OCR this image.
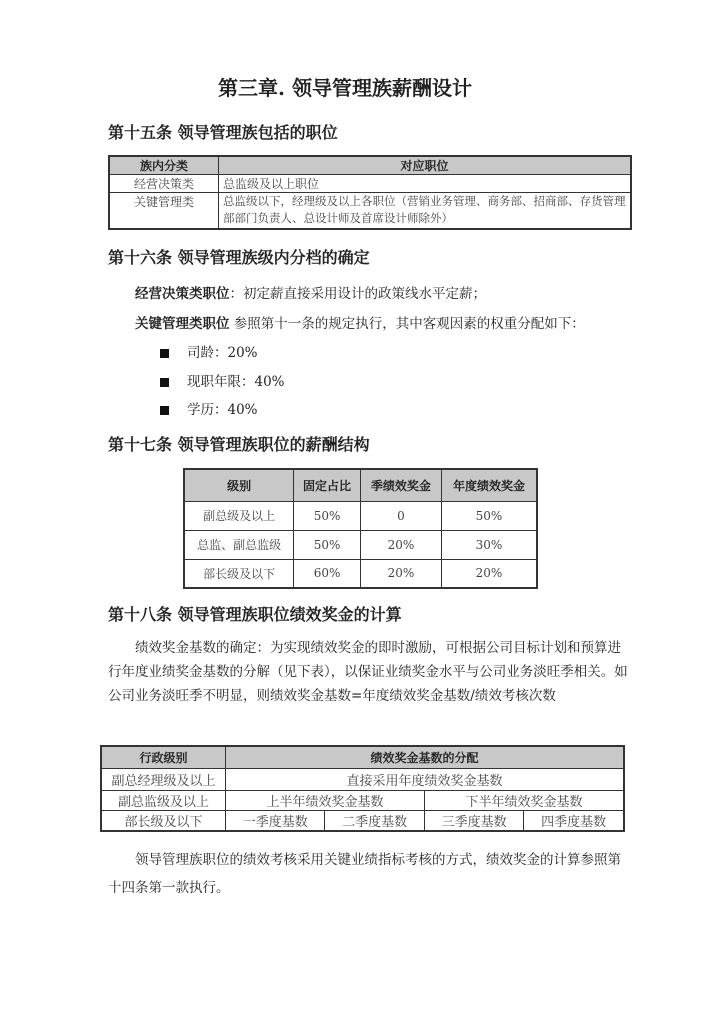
第三章. 领导管理族薪酬设计
第十五条 领导管理族包括的职位
族内分类	对应职位
经营决策类	总监级及以上职位
关键管理类	总监级以下，经理级及以上各职位（营销业务管理、商务部、招商部、存货管理部部门负责人、总设计师及首席设计师除外）
第十六条 领导管理族级内分档的确定
经营决策类职位：初定薪直接采用设计的政策线水平定薪；
关键管理类职位 参照第十一条的规定执行，其中客观因素的权重分配如下：
司龄：20%
现职年限：40%
学历：40%
第十七条 领导管理族职位的薪酬结构
级别	固定占比	季绩效奖金	年度绩效奖金
副总级及以上	50%	0	50%
总监、副总监级	50%	20%	30%
部长级及以下	60%	20%	20%
第十八条 领导管理族职位绩效奖金的计算
绩效奖金基数的确定：为实现绩效奖金的即时激励，可根据公司目标计划和预算进行年度业绩奖金基数的分解（见下表），以保证业绩奖金水平与公司业务淡旺季相关。如公司业务淡旺季不明显，则绩效奖金基数=年度绩效奖金基数/绩效考核次数
行政级别	绩效奖金基数的分配			
副总经理级及以上	直接采用年度绩效奖金基数			
副总监级及以上	上半年绩效奖金基数		下半年绩效奖金基数	
部长级及以下	一季度基数	二季度基数	三季度基数	四季度基数
领导管理族职位的绩效考核采用关键业绩指标考核的方式，绩效奖金的计算参照第十四条第一款执行。
